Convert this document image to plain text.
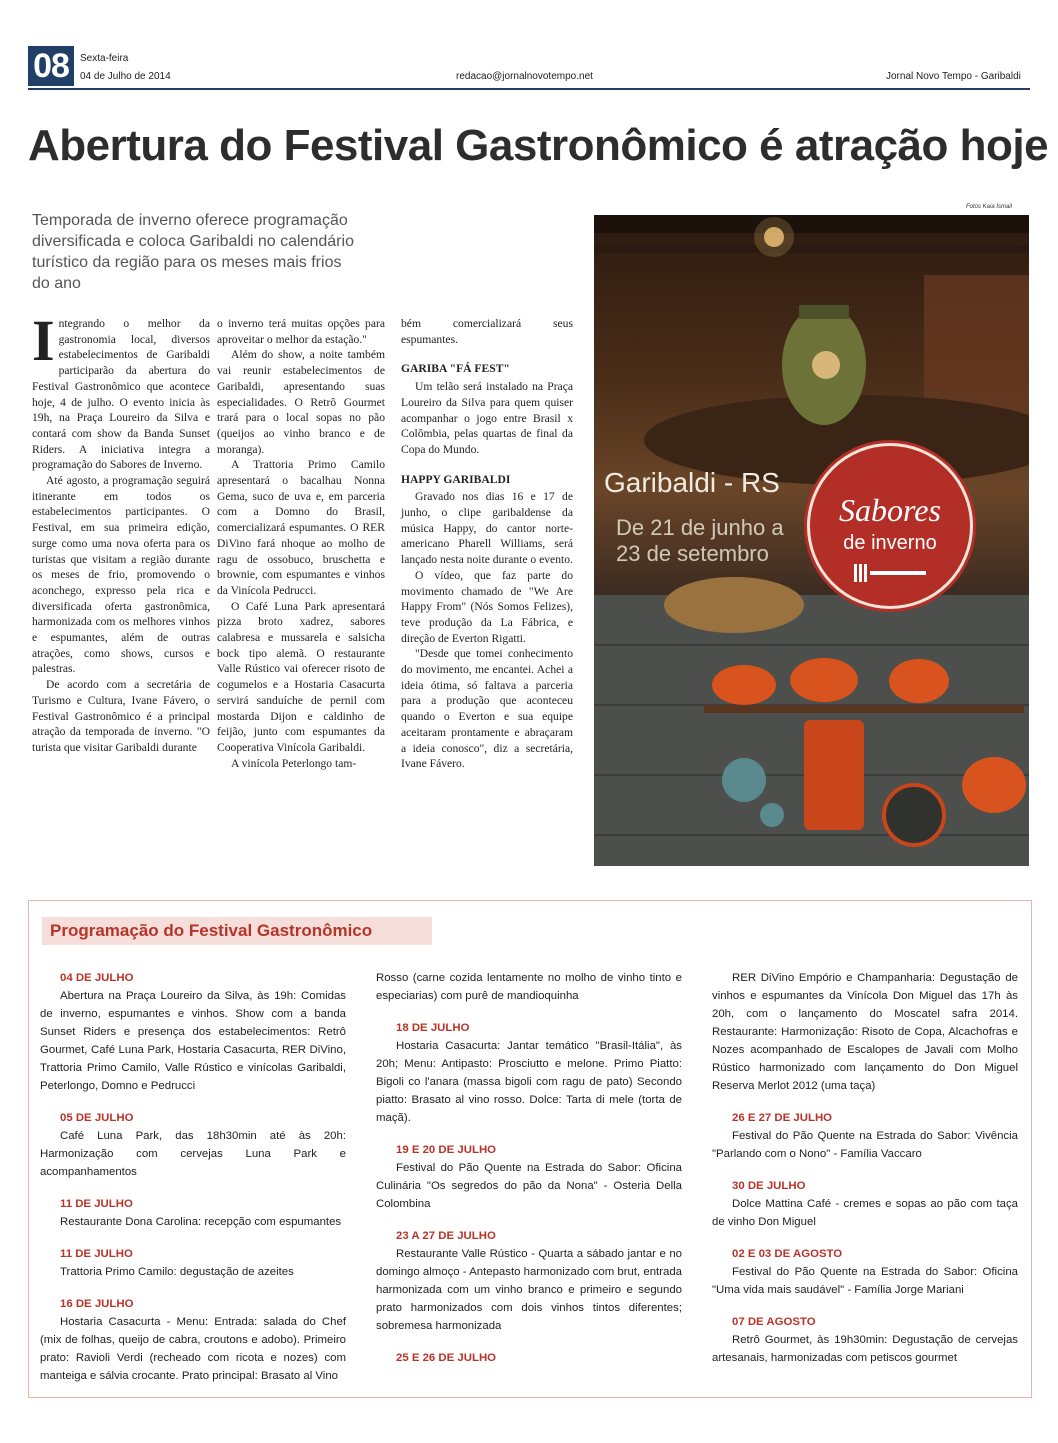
08	Sexta-feira
04 de Julho de 2014	redacao@jornalnovotempo.net	Jornal Novo Tempo - Garibaldi
Abertura do Festival Gastronômico é atração hoje
Temporada de inverno oferece programação diversificada e coloca Garibaldi no calendário turístico da região para os meses mais frios do ano
I ntegrando o melhor da gastronomia local, diversos estabelecimentos de Garibaldi participarão da abertura do Festival Gastronômico que acontece hoje, 4 de julho. O evento inicia às 19h, na Praça Loureiro da Silva e contará com show da Banda Sunset Riders. A iniciativa integra a programação do Sabores de Inverno.

Até agosto, a programação seguirá itinerante em todos os estabelecimentos participantes. O Festival, em sua primeira edição, surge como uma nova oferta para os turistas que visitam a região durante os meses de frio, promovendo o aconchego, expresso pela rica e diversificada oferta gastronômica, harmonizada com os melhores vinhos e espumantes, além de outras atrações, como shows, cursos e palestras.

De acordo com a secretária de Turismo e Cultura, Ivane Fávero, o Festival Gastronômico é a principal atração da temporada de inverno. "O turista que visitar Garibaldi durante

o inverno terá muitas opções para aproveitar o melhor da estação."

Além do show, a noite também vai reunir estabelecimentos de Garibaldi, apresentando suas especialidades. O Retrô Gourmet trará para o local sopas no pão (queijos ao vinho branco e de moranga).

A Trattoria Primo Camilo apresentará o bacalhau Nonna Gema, suco de uva e, em parceria com a Domno do Brasil, comercializará espumantes. O RER DiVino fará nhoque ao molho de ragu de ossobuco, bruschetta e brownie, com espumantes e vinhos da Vinícola Pedrucci.

O Café Luna Park apresentará pizza broto xadrez, sabores calabresa e mussarela e salsicha bock tipo alemã. O restaurante Valle Rústico vai oferecer risoto de cogumelos e a Hostaria Casacurta servirá sanduíche de pernil com mostarda Dijon e caldinho de feijão, junto com espumantes da Cooperativa Vinícola Garibaldi.

A vinícola Peterlongo tam-

bém comercializará seus espumantes.

GARIBA "FÁ FEST"

Um telão será instalado na Praça Loureiro da Silva para quem quiser acompanhar o jogo entre Brasil x Colômbia, pelas quartas de final da Copa do Mundo.

HAPPY GARIBALDI

Gravado nos dias 16 e 17 de junho, o clipe garibaldense da música Happy, do cantor norte-americano Pharell Williams, será lançado nesta noite durante o evento.

O vídeo, que faz parte do movimento chamado de "We Are Happy From" (Nós Somos Felizes), teve produção da La Fábrica, e direção de Everton Rigatti.

"Desde que tomei conhecimento do movimento, me encantei. Achei a ideia ótima, só faltava a parceria para a produção que aconteceu quando o Everton e sua equipe aceitaram prontamente e abraçaram a ideia conosco", diz a secretária, Ivane Fávero.

Fotos Kaia Ismail
Garibaldi - RS
De 21 de junho a
23 de setembro
Sabores
de inverno
Programação do Festival Gastronômico
04 DE JULHO
Abertura na Praça Loureiro da Silva, às 19h: Comidas de inverno, espumantes e vinhos. Show com a banda Sunset Riders e presença dos estabelecimentos: Retrô Gourmet, Café Luna Park, Hostaria Casacurta, RER DiVino, Trattoria Primo Camilo, Valle Rústico e vinícolas Garibaldi, Peterlongo, Domno e Pedrucci
05 DE JULHO
Café Luna Park, das 18h30min até às 20h: Harmonização com cervejas Luna Park e acompanhamentos
11 DE JULHO
Restaurante Dona Carolina: recepção com espumantes
11 DE JULHO
Trattoria Primo Camilo: degustação de azeites
16 DE JULHO
Hostaria Casacurta - Menu: Entrada: salada do Chef (mix de folhas, queijo de cabra, croutons e adobo). Primeiro prato: Ravioli Verdi (recheado com ricota e nozes) com manteiga e sálvia crocante. Prato principal: Brasato al Vino
Rosso (carne cozida lentamente no molho de vinho tinto e especiarias) com purê de mandioquinha
18 DE JULHO
Hostaria Casacurta: Jantar temático "Brasil-Itália", às 20h; Menu: Antipasto: Prosciutto e melone. Primo Piatto: Bigoli co l'anara (massa bigoli com ragu de pato) Secondo piatto: Brasato al vino rosso. Dolce: Tarta di mele (torta de maçã).
19 E 20 DE JULHO
Festival do Pão Quente na Estrada do Sabor: Oficina Culinária "Os segredos do pão da Nona" - Osteria Della Colombina
23 A 27 DE JULHO
Restaurante Valle Rústico - Quarta a sábado jantar e no domingo almoço - Antepasto harmonizado com brut, entrada harmonizada com um vinho branco e primeiro e segundo prato harmonizados com dois vinhos tintos diferentes; sobremesa harmonizada
25 E 26 DE JULHO
RER DiVino Empório e Champanharia: Degustação de vinhos e espumantes da Vinícola Don Miguel das 17h às 20h, com o lançamento do Moscatel safra 2014. Restaurante: Harmonização: Risoto de Copa, Alcachofras e Nozes acompanhado de Escalopes de Javali com Molho Rústico harmonizado com lançamento do Don Miguel Reserva Merlot 2012 (uma taça)
26 E 27 DE JULHO
Festival do Pão Quente na Estrada do Sabor: Vivência "Parlando com o Nono" - Família Vaccaro
30 DE JULHO
Dolce Mattina Café - cremes e sopas ao pão com taça de vinho Don Miguel
02 E 03 DE AGOSTO
Festival do Pão Quente na Estrada do Sabor: Oficina "Uma vida mais saudável" - Família Jorge Mariani
07 DE AGOSTO
Retrô Gourmet, às 19h30min: Degustação de cervejas artesanais, harmonizadas com petiscos gourmet
